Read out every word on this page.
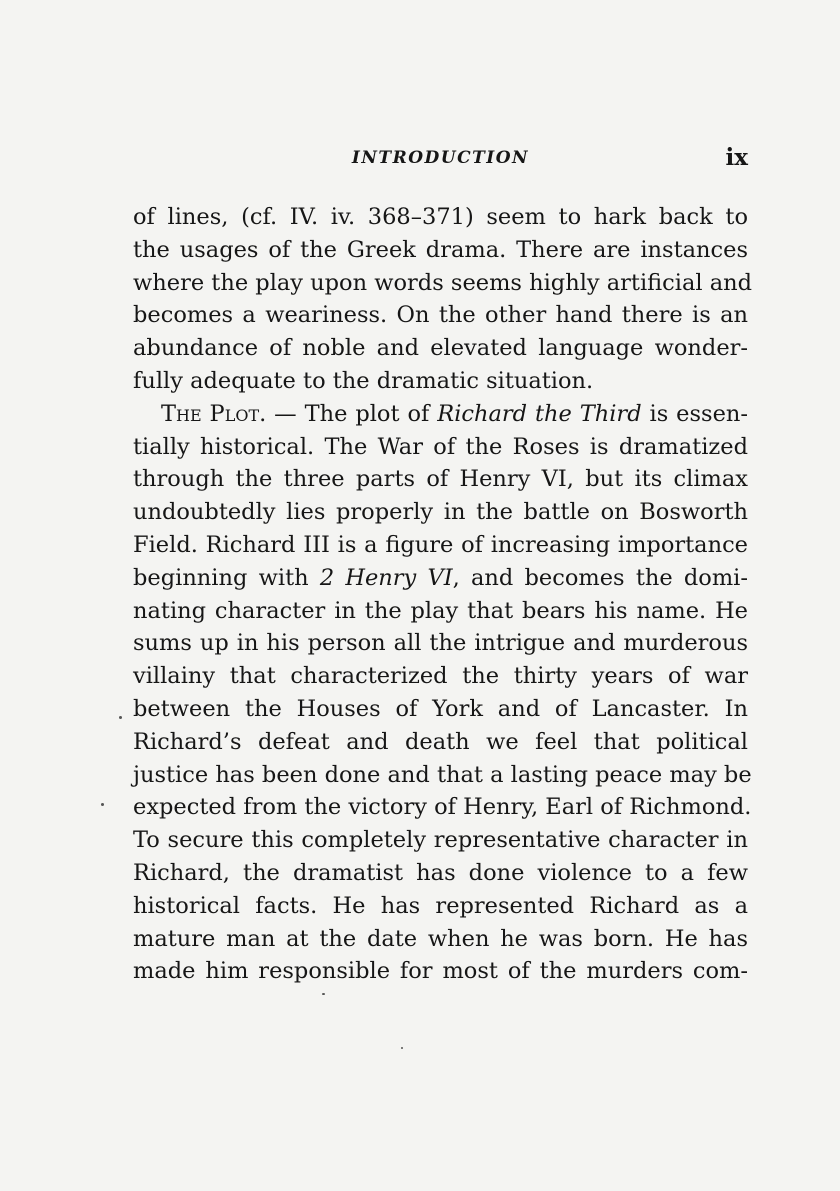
INTRODUCTION	ix
of lines, (cf. IV. iv. 368–371) seem to hark back to
the usages of the Greek drama. There are instances
where the play upon words seems highly artificial and
becomes a weariness. On the other hand there is an
abundance of noble and elevated language wonder-
fully adequate to the dramatic situation.
The Plot. — The plot of Richard the Third is essen-
tially historical. The War of the Roses is dramatized
through the three parts of Henry VI, but its climax
undoubtedly lies properly in the battle on Bosworth
Field. Richard III is a figure of increasing importance
beginning with 2 Henry VI, and becomes the domi-
nating character in the play that bears his name. He
sums up in his person all the intrigue and murderous
villainy that characterized the thirty years of war
between the Houses of York and of Lancaster. In
Richard’s defeat and death we feel that political
justice has been done and that a lasting peace may be
expected from the victory of Henry, Earl of Richmond.
To secure this completely representative character in
Richard, the dramatist has done violence to a few
historical facts. He has represented Richard as a
mature man at the date when he was born. He has
made him responsible for most of the murders com-
